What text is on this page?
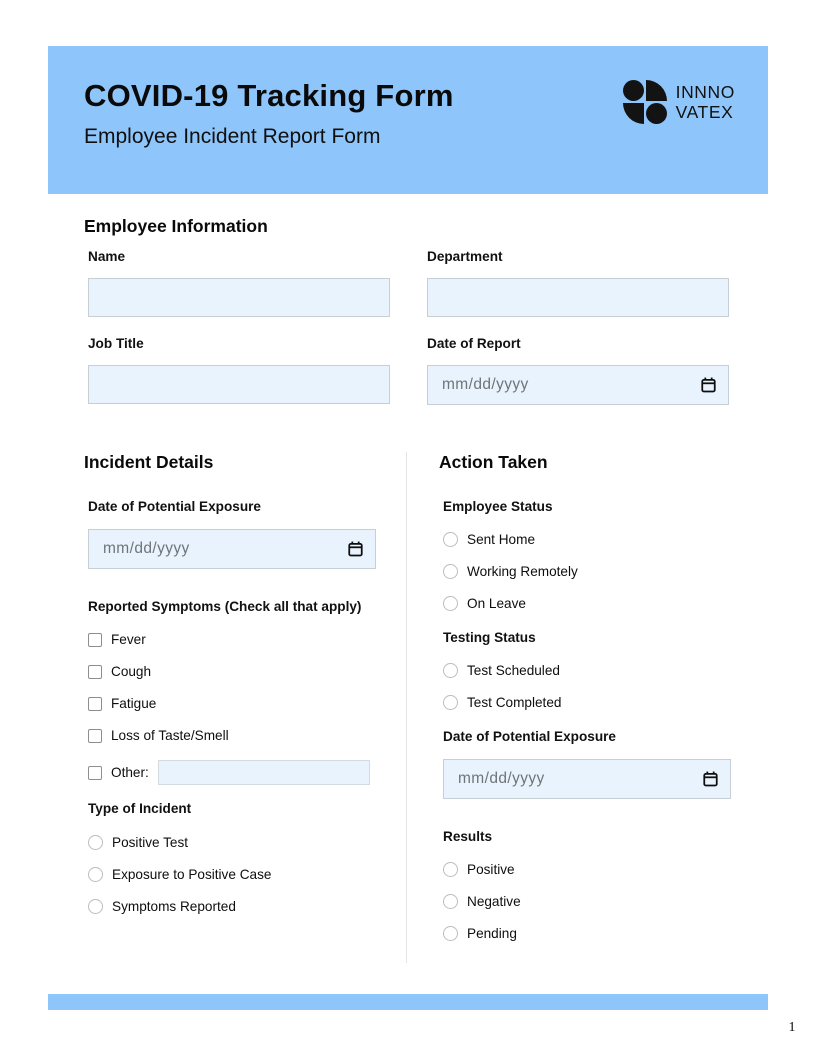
COVID-19 Tracking Form
Employee Incident Report Form
INNNO
VATEX
Employee Information
Name	Department
Job Title	Date of Report
mm/dd/yyyy
Incident Details
Date of Potential Exposure
mm/dd/yyyy
Reported Symptoms (Check all that apply)
Fever
Cough
Fatigue
Loss of Taste/Smell
Other:
Type of Incident
Positive Test
Exposure to Positive Case
Symptoms Reported
Action Taken
Employee Status
Sent Home
Working Remotely
On Leave
Testing Status
Test Scheduled
Test Completed
Date of Potential Exposure
mm/dd/yyyy
Results
Positive
Negative
Pending
1
